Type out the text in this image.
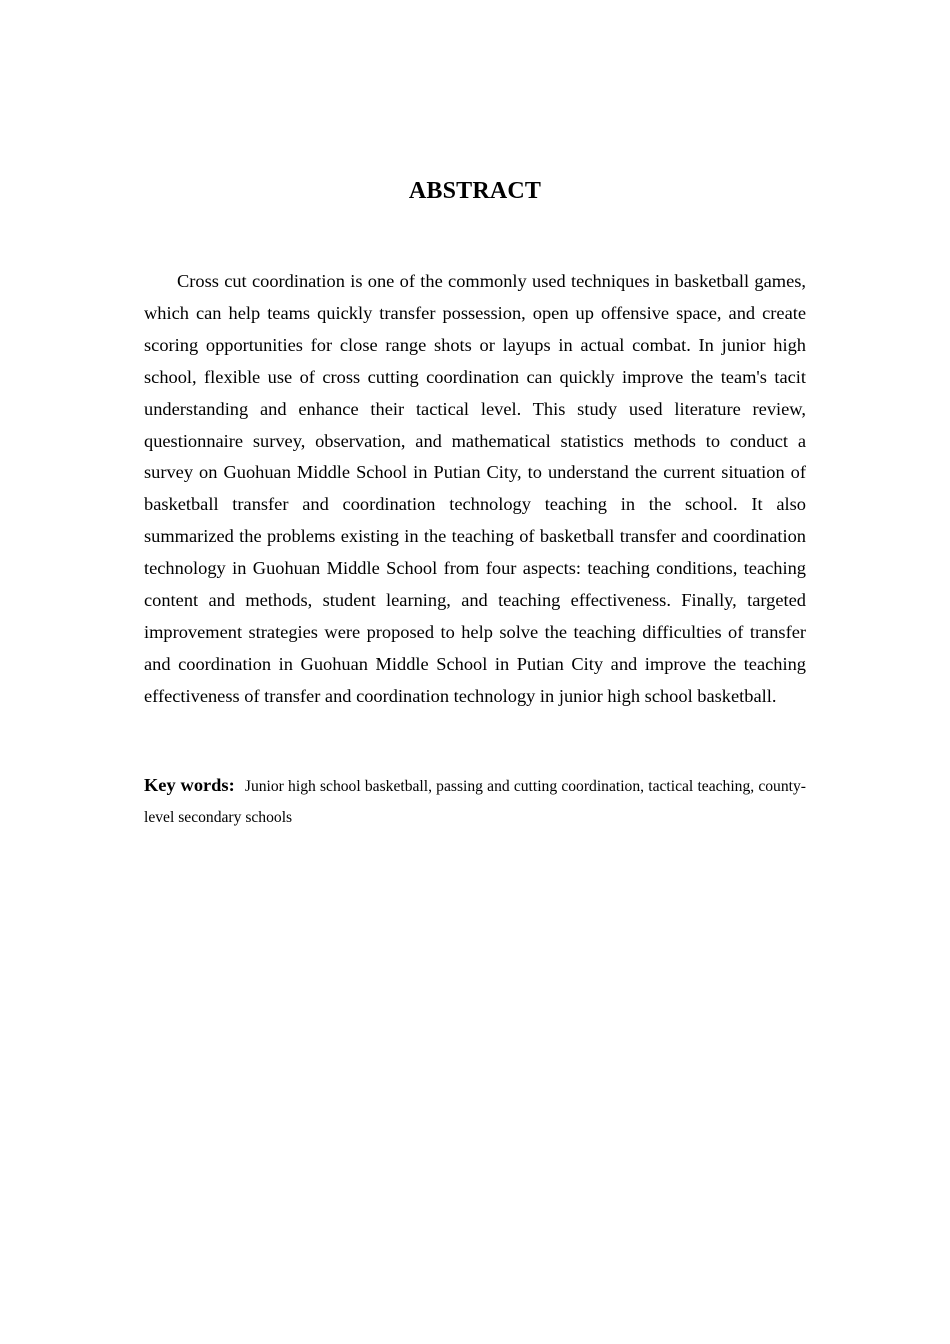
ABSTRACT

Cross cut coordination is one of the commonly used techniques in basketball games, which can help teams quickly transfer possession, open up offensive space, and create scoring opportunities for close range shots or layups in actual combat. In junior high school, flexible use of cross cutting coordination can quickly improve the team's tacit understanding and enhance their tactical level. This study used literature review, questionnaire survey, observation, and mathematical statistics methods to conduct a survey on Guohuan Middle School in Putian City, to understand the current situation of basketball transfer and coordination technology teaching in the school. It also summarized the problems existing in the teaching of basketball transfer and coordination technology in Guohuan Middle School from four aspects: teaching conditions, teaching content and methods, student learning, and teaching effectiveness. Finally, targeted improvement strategies were proposed to help solve the teaching difficulties of transfer and coordination in Guohuan Middle School in Putian City and improve the teaching effectiveness of transfer and coordination technology in junior high school basketball.

Key words: Junior high school basketball, passing and cutting coordination, tactical teaching, county-level secondary schools
